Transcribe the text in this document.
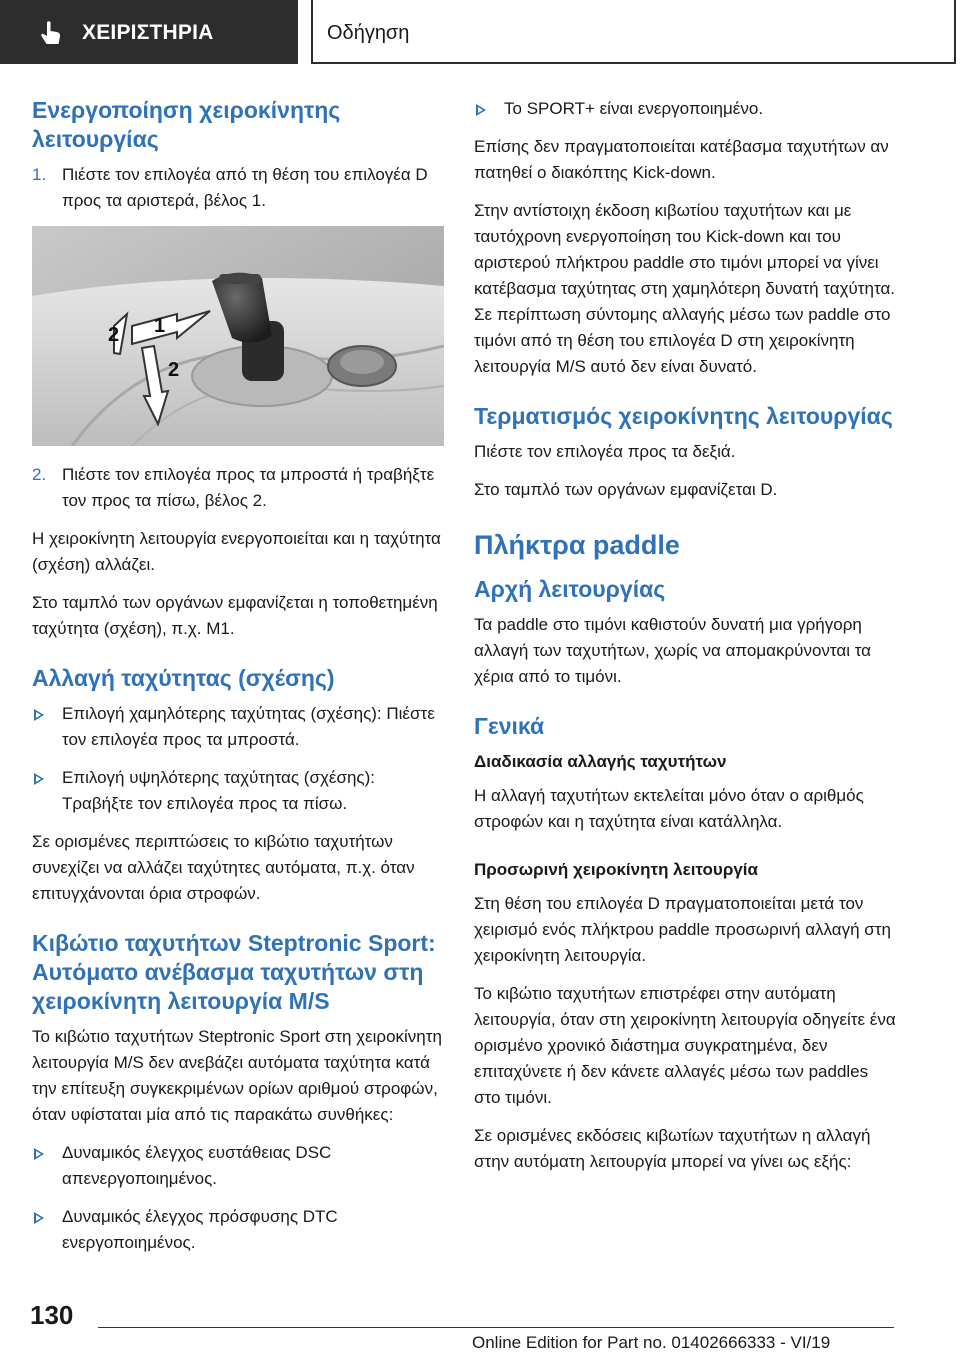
ΧΕΙΡΙΣΤΗΡΙΑ	Οδήγηση
Ενεργοποίηση χειροκίνητης λειτουργίας
1. Πιέστε τον επιλογέα από τη θέση του επιλογέα D προς τα αριστερά, βέλος 1.
1
2
2
2. Πιέστε τον επιλογέα προς τα μπροστά ή τραβήξτε τον προς τα πίσω, βέλος 2.

Η χειροκίνητη λειτουργία ενεργοποιείται και η ταχύτητα (σχέση) αλλάζει.

Στο ταμπλό των οργάνων εμφανίζεται η τοποθετημένη ταχύτητα (σχέση), π.χ. M1.

Αλλαγή ταχύτητας (σχέσης)
Επιλογή χαμηλότερης ταχύτητας (σχέσης): Πιέστε τον επιλογέα προς τα μπροστά.
Επιλογή υψηλότερης ταχύτητας (σχέσης): Τραβήξτε τον επιλογέα προς τα πίσω.

Σε ορισμένες περιπτώσεις το κιβώτιο ταχυτήτων συνεχίζει να αλλάζει ταχύτητες αυτόματα, π.χ. όταν επιτυγχάνονται όρια στροφών.

Κιβώτιο ταχυτήτων Steptronic Sport: Αυτόματο ανέβασμα ταχυτήτων στη χειροκίνητη λειτουργία M/S

Το κιβώτιο ταχυτήτων Steptronic Sport στη χειροκίνητη λειτουργία M/S δεν ανεβάζει αυτόματα ταχύτητα κατά την επίτευξη συγκεκριμένων ορίων αριθμού στροφών, όταν υφίσταται μία από τις παρακάτω συνθήκες:

Δυναμικός έλεγχος ευστάθειας DSC απενεργοποιημένος.
Δυναμικός έλεγχος πρόσφυσης DTC ενεργοποιημένος.
Το SPORT+ είναι ενεργοποιημένο.

Επίσης δεν πραγματοποιείται κατέβασμα ταχυτήτων αν πατηθεί ο διακόπτης Kick-down.

Στην αντίστοιχη έκδοση κιβωτίου ταχυτήτων και με ταυτόχρονη ενεργοποίηση του Kick-down και του αριστερού πλήκτρου paddle στο τιμόνι μπορεί να γίνει κατέβασμα ταχύτητας στη χαμηλότερη δυνατή ταχύτητα. Σε περίπτωση σύντομης αλλαγής μέσω των paddle στο τιμόνι από τη θέση του επιλογέα D στη χειροκίνητη λειτουργία M/S αυτό δεν είναι δυνατό.

Τερματισμός χειροκίνητης λειτουργίας

Πιέστε τον επιλογέα προς τα δεξιά.

Στο ταμπλό των οργάνων εμφανίζεται D.

Πλήκτρα paddle
Αρχή λειτουργίας

Τα paddle στο τιμόνι καθιστούν δυνατή μια γρήγορη αλλαγή των ταχυτήτων, χωρίς να απομακρύνονται τα χέρια από το τιμόνι.

Γενικά
Διαδικασία αλλαγής ταχυτήτων

Η αλλαγή ταχυτήτων εκτελείται μόνο όταν ο αριθμός στροφών και η ταχύτητα είναι κατάλληλα.

Προσωρινή χειροκίνητη λειτουργία

Στη θέση του επιλογέα D πραγματοποιείται μετά τον χειρισμό ενός πλήκτρου paddle προσωρινή αλλαγή στη χειροκίνητη λειτουργία.

Το κιβώτιο ταχυτήτων επιστρέφει στην αυτόματη λειτουργία, όταν στη χειροκίνητη λειτουργία οδηγείτε ένα ορισμένο χρονικό διάστημα συγκρατημένα, δεν επιταχύνετε ή δεν κάνετε αλλαγές μέσω των paddles στο τιμόνι.

Σε ορισμένες εκδόσεις κιβωτίων ταχυτήτων η αλλαγή στην αυτόματη λειτουργία μπορεί να γίνει ως εξής:

130
Online Edition for Part no. 01402666333 - VI/19
